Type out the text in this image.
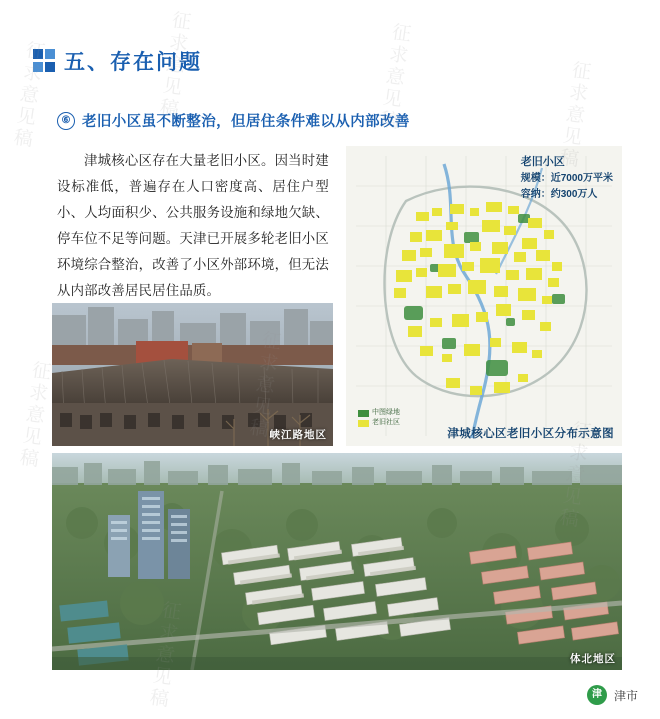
五、存在问题
⑥ 老旧小区虽不断整治，但居住条件难以从内部改善
津城核心区存在大量老旧小区。因当时建设标准低，普遍存在人口密度高、居住户型小、人均面积少、公共服务设施和绿地欠缺、停车位不足等问题。天津已开展多轮老旧小区环境综合整治，改善了小区外部环境，但无法从内部改善居民居住品质。
老旧小区
规模：近7000万平米
容纳：约300万人
中图绿地
老旧社区
津城核心区老旧小区分布示意图
峡江路地区
体北地区
征求意见稿	征求意见稿	征求意见稿	征求意见稿
征求意见稿
津	津市
